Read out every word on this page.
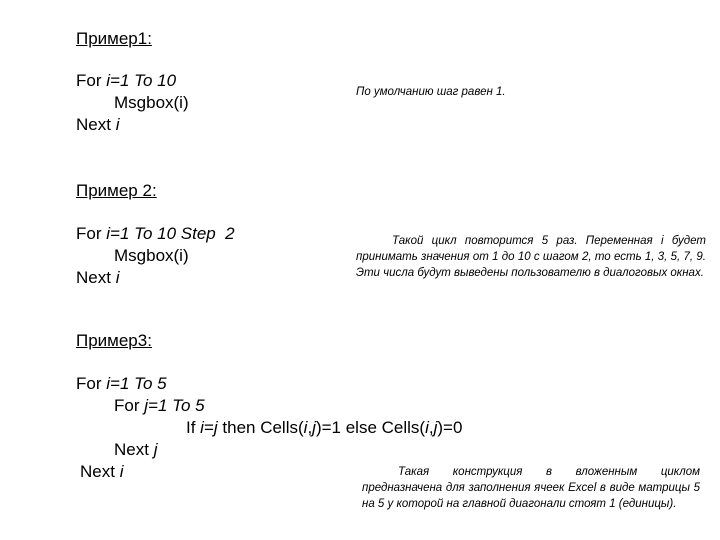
Пример1:
For i=1 To 10
Msgbox(i)
Next i
По умолчанию шаг равен 1.
Пример 2:
For i=1 To 10 Step  2
Msgbox(i)
Next i
Такой цикл повторится 5 раз. Переменная i будет принимать значения от 1 до 10 с шагом 2, то есть 1, 3, 5, 7, 9. Эти числа будут выведены пользователю в диалоговых окнах.
Пример3:
For i=1 To 5
For j=1 To 5
If i=j then Cells(i,j)=1 else Cells(i,j)=0
Next j
Next i	Такая конструкция в вложенным циклом предназначена для заполнения ячеек Excel в виде матрицы 5 на 5 у которой на главной диагонали стоят 1 (единицы).
